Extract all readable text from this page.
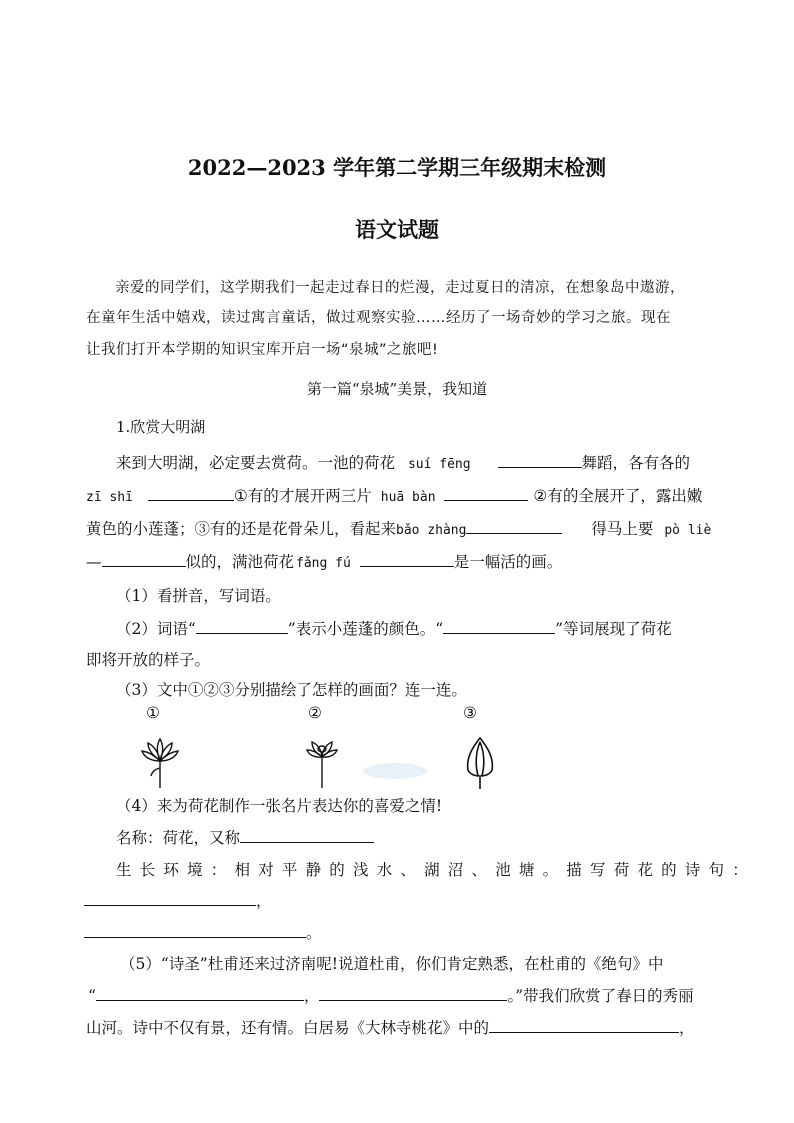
2022—2023 学年第二学期三年级期末检测
语文试题
亲爱的同学们，这学期我们一起走过春日的烂漫，走过夏日的清凉，在想象岛中遨游，
在童年生活中嬉戏，读过寓言童话，做过观察实验……经历了一场奇妙的学习之旅。现在
让我们打开本学期的知识宝库开启一场“泉城”之旅吧!
第一篇“泉城”美景，我知道
1.欣赏大明湖
来到大明湖，必定要去赏荷。一池的荷花 suí fēng	舞蹈，各有各的
zī shī	①有的才展开两三片 huā bàn	②有的全展开了，露出嫩
黄色的小莲蓬；③有的还是花骨朵儿，看起来bǎo zhàng	得马上要 pò liè
—	似的，满池荷花 fǎng fú	是一幅活的画。
（1）看拼音，写词语。
（2）词语“	”表示小莲蓬的颜色。“	”等词展现了荷花
即将开放的样子。
（3）文中①②③分别描绘了怎样的画面？连一连。
①	②	③
（4）来为荷花制作一张名片表达你的喜爱之情!
名称：荷花，又称
生长环境：相对平静的浅水、湖沼、池塘。描写荷花的诗句：
，
。
（5）“诗圣”杜甫还来过济南呢!说道杜甫，你们肯定熟悉，在杜甫的《绝句》中
“	，	。”带我们欣赏了春日的秀丽
山河。诗中不仅有景，还有情。白居易《大林寺桃花》中的	，
